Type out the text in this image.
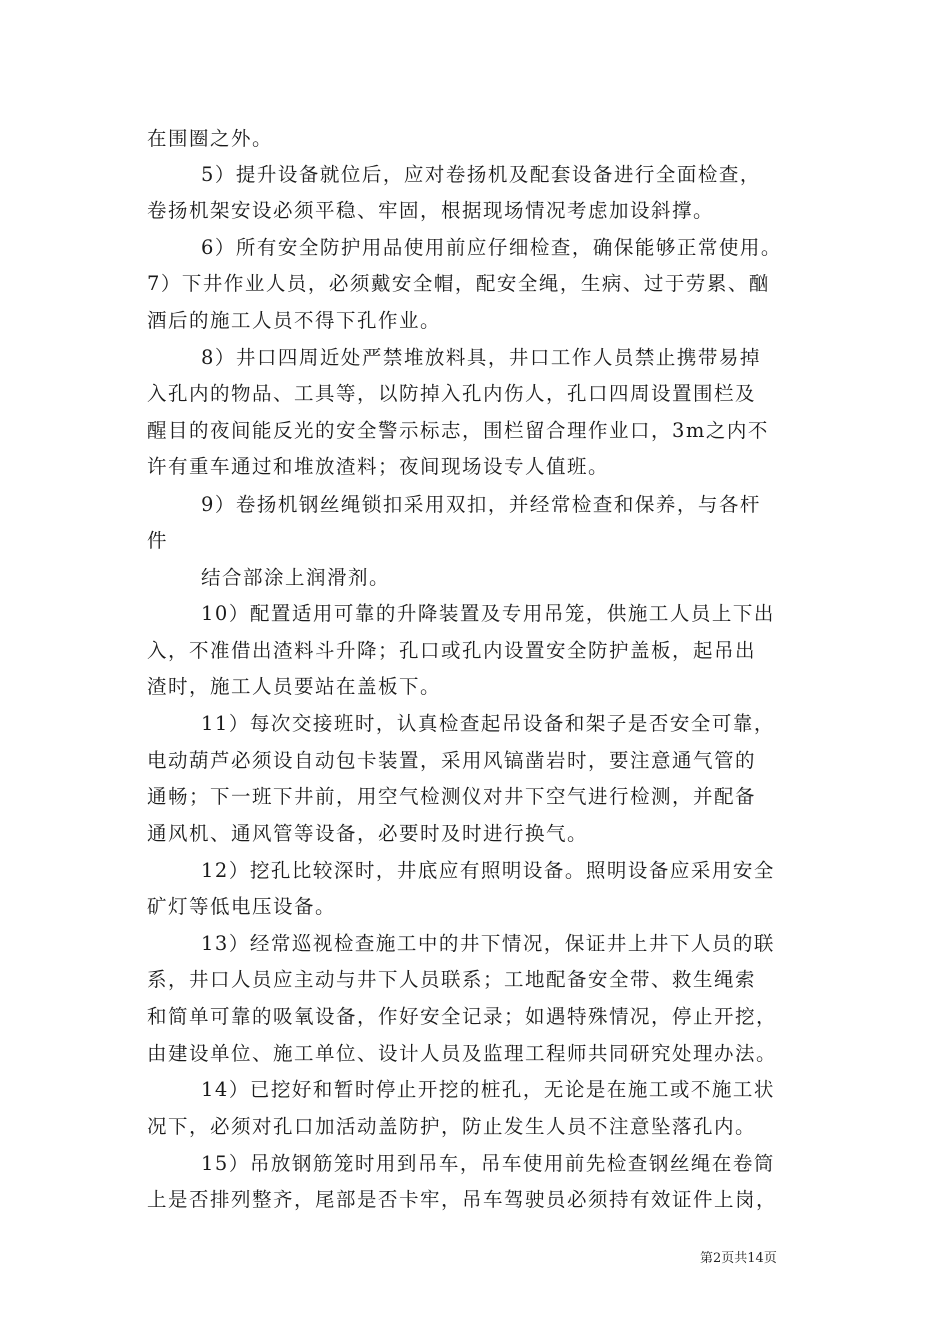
在围圈之外。
5）提升设备就位后，应对卷扬机及配套设备进行全面检查，
卷扬机架安设必须平稳、牢固，根据现场情况考虑加设斜撑。
6）所有安全防护用品使用前应仔细检查，确保能够正常使用。
7）下井作业人员，必须戴安全帽，配安全绳，生病、过于劳累、酗
酒后的施工人员不得下孔作业。
8）井口四周近处严禁堆放料具，井口工作人员禁止携带易掉
入孔内的物品、工具等，以防掉入孔内伤人，孔口四周设置围栏及
醒目的夜间能反光的安全警示标志，围栏留合理作业口，3m之内不
许有重车通过和堆放渣料；夜间现场设专人值班。
9）卷扬机钢丝绳锁扣采用双扣，并经常检查和保养，与各杆
件
结合部涂上润滑剂。
10）配置适用可靠的升降装置及专用吊笼，供施工人员上下出
入，不准借出渣料斗升降；孔口或孔内设置安全防护盖板，起吊出
渣时，施工人员要站在盖板下。
11）每次交接班时，认真检查起吊设备和架子是否安全可靠，
电动葫芦必须设自动包卡装置，采用风镐凿岩时，要注意通气管的
通畅；下一班下井前，用空气检测仪对井下空气进行检测，并配备
通风机、通风管等设备，必要时及时进行换气。
12）挖孔比较深时，井底应有照明设备。照明设备应采用安全
矿灯等低电压设备。
13）经常巡视检查施工中的井下情况，保证井上井下人员的联
系，井口人员应主动与井下人员联系；工地配备安全带、救生绳索
和简单可靠的吸氧设备，作好安全记录；如遇特殊情况，停止开挖，
由建设单位、施工单位、设计人员及监理工程师共同研究处理办法。
14）已挖好和暂时停止开挖的桩孔，无论是在施工或不施工状
况下，必须对孔口加活动盖防护，防止发生人员不注意坠落孔内。
15）吊放钢筋笼时用到吊车，吊车使用前先检查钢丝绳在卷筒
上是否排列整齐，尾部是否卡牢，吊车驾驶员必须持有效证件上岗，
第2页共14页
